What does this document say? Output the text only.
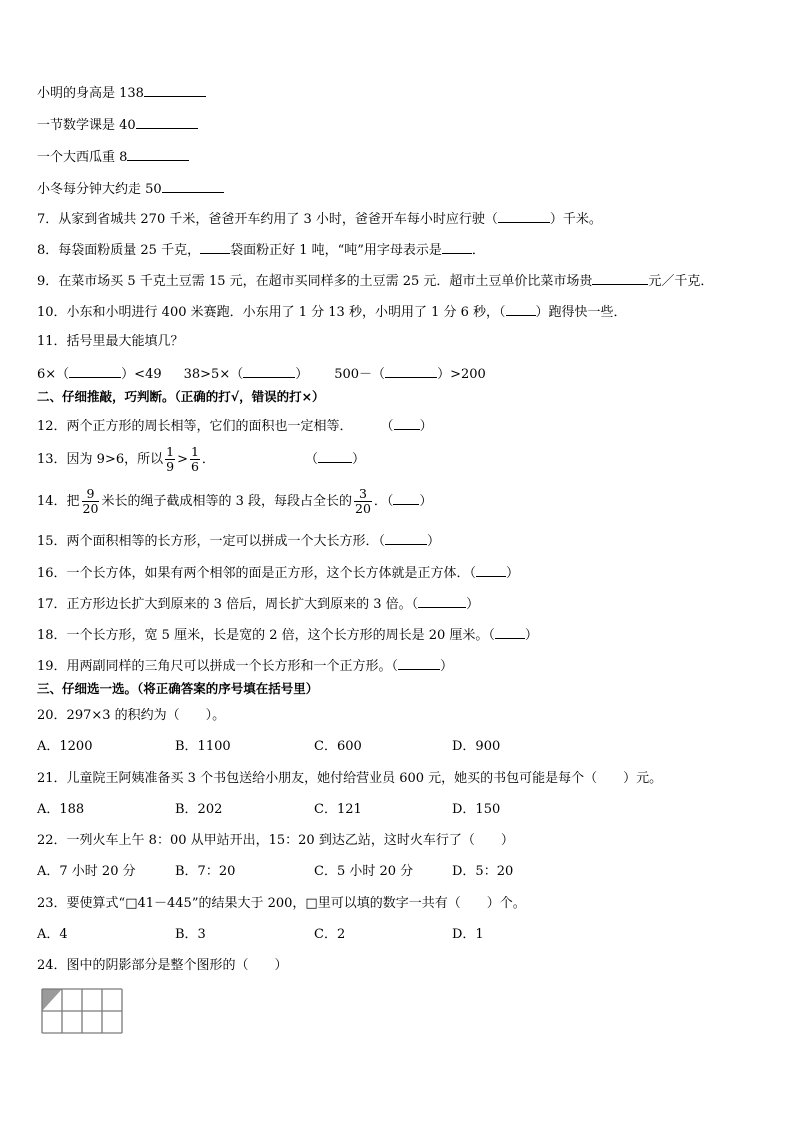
小明的身高是 138
一节数学课是 40
一个大西瓜重 8
小冬每分钟大约走 50
7．从家到省城共 270 千米，爸爸开车约用了 3 小时，爸爸开车每小时应行驶（	）千米。
8．每袋面粉质量 25 千克， 袋面粉正好 1 吨，“吨”用字母表示是 ．
9．在菜市场买 5 千克土豆需 15 元，在超市买同样多的土豆需 25 元．超市土豆单价比菜市场贵	元／千克．
10．小东和小明进行 400 米赛跑．小东用了 1 分 13 秒，小明用了 1 分 6 秒，（ ）跑得快一些．
11．括号里最大能填几？
6×（	）<49 38>5×（	） 500－（	）>200
二、仔细推敲，巧判断。（正确的打√，错误的打×）
12．两个正方形的周长相等，它们的面积也一定相等． （ ）
13．因为 9>6，所以 $\frac{1}{9} > \frac{1}{6}$ ．	（	）
14．把 $\frac{9}{20}$ 米长的绳子截成相等的 3 段，每段占全长的 $\frac{3}{20}$ ．（ ）
15．两个面积相等的长方形，一定可以拼成一个大长方形．（	）
16．一个长方体，如果有两个相邻的面是正方形，这个长方体就是正方体．（ ）
17．正方形边长扩大到原来的 3 倍后，周长扩大到原来的 3 倍。（	）
18．一个长方形，宽 5 厘米，长是宽的 2 倍，这个长方形的周长是 20 厘米。（ ）
19．用两副同样的三角尺可以拼成一个长方形和一个正方形。（	）
三、仔细选一选。（将正确答案的序号填在括号里）
20．297×3 的积约为（　　）。
A．1200	B．1100	C．600	D．900
21．儿童院王阿姨准备买 3 个书包送给小朋友，她付给营业员 600 元，她买的书包可能是每个（　　）元。
A．188	B．202	C．121	D．150
22．一列火车上午 8：00 从甲站开出，15：20 到达乙站，这时火车行了（　　）
A．7 小时 20 分	B．7：20	C．5 小时 20 分	D．5：20
23．要使算式“□41－445”的结果大于 200，□里可以填的数字一共有（　　）个。
A．4	B．3	C．2	D．1
24．图中的阴影部分是整个图形的（　　）
